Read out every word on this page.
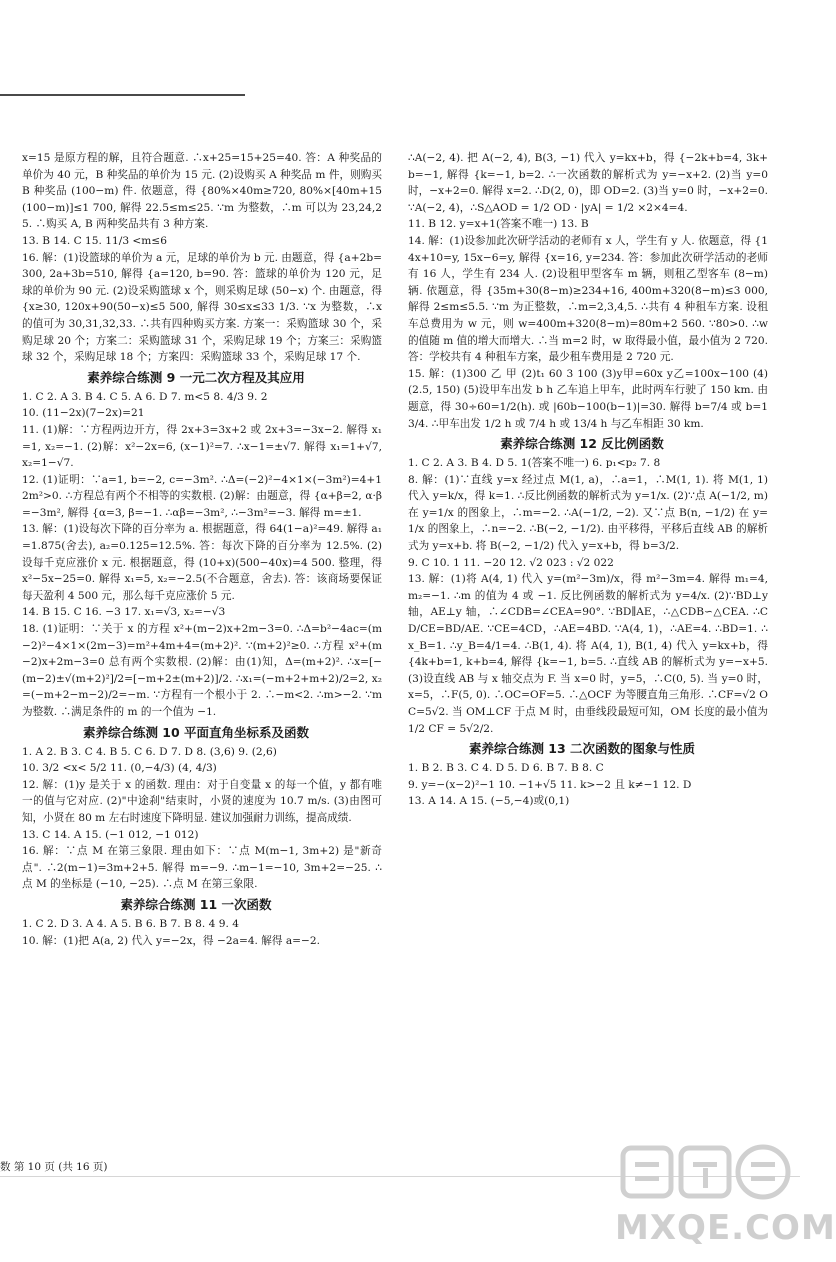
x=15 是原方程的解，且符合题意. ∴x+25=15+25=40. 答：A 种奖品的单价为 40 元，B 种奖品的单价为 15 元. (2)设购买 A 种奖品 m 件，则购买 B 种奖品 (100−m) 件. 依题意，得 {80%×40m≥720, 80%×[40m+15(100−m)]≤1 700, 解得 22.5≤m≤25. ∵m 为整数，∴m 可以为 23,24,25. ∴购买 A, B 两种奖品共有 3 种方案.

13. B 14. C 15. 11/3 <m≤6

16. 解：(1)设篮球的单价为 a 元，足球的单价为 b 元. 由题意，得 {a+2b=300, 2a+3b=510, 解得 {a=120, b=90. 答：篮球的单价为 120 元，足球的单价为 90 元. (2)设采购篮球 x 个，则采购足球 (50−x) 个. 由题意，得 {x≥30, 120x+90(50−x)≤5 500, 解得 30≤x≤33 1/3. ∵x 为整数，∴x 的值可为 30,31,32,33. ∴共有四种购买方案. 方案一：采购篮球 30 个，采购足球 20 个；方案二：采购篮球 31 个，采购足球 19 个；方案三：采购篮球 32 个，采购足球 18 个；方案四：采购篮球 33 个，采购足球 17 个.

素养综合练测 9 一元二次方程及其应用

1. C 2. A 3. B 4. C 5. A 6. D 7. m<5 8. 4/3 9. 2

10. (11−2x)(7−2x)=21

11. (1)解：∵方程两边开方，得 2x+3=3x+2 或 2x+3=−3x−2. 解得 x₁=1, x₂=−1. (2)解：x²−2x=6, (x−1)²=7. ∴x−1=±√7. 解得 x₁=1+√7, x₂=1−√7.

12. (1)证明：∵a=1, b=−2, c=−3m². ∴Δ=(−2)²−4×1×(−3m²)=4+12m²>0. ∴方程总有两个不相等的实数根. (2)解：由题意，得 {α+β=2, α·β=−3m², 解得 {α=3, β=−1. ∴αβ=−3m², ∴−3m²=−3. 解得 m=±1.

13. 解：(1)设每次下降的百分率为 a. 根据题意，得 64(1−a)²=49. 解得 a₁=1.875(舍去), a₂=0.125=12.5%. 答：每次下降的百分率为 12.5%. (2)设每千克应涨价 x 元. 根据题意，得 (10+x)(500−40x)=4 500. 整理，得 x²−5x−25=0. 解得 x₁=5, x₂=−2.5(不合题意，舍去). 答：该商场要保证每天盈利 4 500 元，那么每千克应涨价 5 元.

14. B 15. C 16. −3 17. x₁=√3, x₂=−√3

18. (1)证明：∵关于 x 的方程 x²+(m−2)x+2m−3=0. ∴Δ=b²−4ac=(m−2)²−4×1×(2m−3)=m²+4m+4=(m+2)². ∵(m+2)²≥0. ∴方程 x²+(m−2)x+2m−3=0 总有两个实数根. (2)解：由(1)知，Δ=(m+2)². ∴x=[−(m−2)±√(m+2)²]/2=[−m+2±(m+2)]/2. ∴x₁=(−m+2+m+2)/2=2, x₂=(−m+2−m−2)/2=−m. ∵方程有一个根小于 2. ∴−m<2. ∴m>−2. ∵m 为整数. ∴满足条件的 m 的一个值为 −1.

素养综合练测 10 平面直角坐标系及函数

1. A 2. B 3. C 4. B 5. C 6. D 7. D 8. (3,6) 9. (2,6)

10. 3/2 <x< 5/2 11. (0,−4/3) (4, 4/3)

12. 解：(1)y 是关于 x 的函数. 理由：对于自变量 x 的每一个值，y 都有唯一的值与它对应. (2)"中途刹"结束时，小贤的速度为 10.7 m/s. (3)由图可知，小贤在 80 m 左右时速度下降明显. 建议加强耐力训练，提高成绩.

13. C 14. A 15. (−1 012, −1 012)

16. 解：∵点 M 在第三象限. 理由如下：∵点 M(m−1, 3m+2) 是"新奇点". ∴2(m−1)=3m+2+5. 解得 m=−9. ∴m−1=−10, 3m+2=−25. ∴点 M 的坐标是 (−10, −25). ∴点 M 在第三象限.

素养综合练测 11 一次函数

1. C 2. D 3. A 4. A 5. B 6. B 7. B 8. 4 9. 4

10. 解：(1)把 A(a, 2) 代入 y=−2x，得 −2a=4. 解得 a=−2.

∴A(−2, 4). 把 A(−2, 4), B(3, −1) 代入 y=kx+b，得 {−2k+b=4, 3k+b=−1, 解得 {k=−1, b=2. ∴一次函数的解析式为 y=−x+2. (2)当 y=0 时，−x+2=0. 解得 x=2. ∴D(2, 0)，即 OD=2. (3)当 y=0 时，−x+2=0. ∵A(−2, 4)，∴S△AOD = 1/2 OD · |yA| = 1/2 ×2×4=4.

11. B 12. y=x+1(答案不唯一) 13. B

14. 解：(1)设参加此次研学活动的老师有 x 人，学生有 y 人. 依题意，得 {14x+10=y, 15x−6=y, 解得 {x=16, y=234. 答：参加此次研学活动的老师有 16 人，学生有 234 人. (2)设租甲型客车 m 辆，则租乙型客车 (8−m) 辆. 依题意，得 {35m+30(8−m)≥234+16, 400m+320(8−m)≤3 000, 解得 2≤m≤5.5. ∵m 为正整数，∴m=2,3,4,5. ∴共有 4 种租车方案. 设租车总费用为 w 元，则 w=400m+320(8−m)=80m+2 560. ∵80>0. ∴w 的值随 m 值的增大而增大. ∴当 m=2 时，w 取得最小值，最小值为 2 720. 答：学校共有 4 种租车方案，最少租车费用是 2 720 元.

15. 解：(1)300 乙 甲 (2)t₁ 60 3 100 (3)y甲=60x y乙=100x−100 (4)(2.5, 150) (5)设甲车出发 b h 乙车追上甲车，此时两车行驶了 150 km. 由题意，得 30÷60=1/2(h). 或 |60b−100(b−1)|=30. 解得 b=7/4 或 b=13/4. ∴甲车出发 1/2 h 或 7/4 h 或 13/4 h 与乙车相距 30 km.

素养综合练测 12 反比例函数

1. C 2. A 3. B 4. D 5. 1(答案不唯一) 6. p₁<p₂ 7. 8

8. 解：(1)∵直线 y=x 经过点 M(1, a)，∴a=1，∴M(1, 1). 将 M(1, 1) 代入 y=k/x，得 k=1. ∴反比例函数的解析式为 y=1/x. (2)∵点 A(−1/2, m) 在 y=1/x 的图象上，∴m=−2. ∴A(−1/2, −2). 又∵点 B(n, −1/2) 在 y=1/x 的图象上，∴n=−2. ∴B(−2, −1/2). 由平移得，平移后直线 AB 的解析式为 y=x+b. 将 B(−2, −1/2) 代入 y=x+b，得 b=3/2.

9. C 10. 1 11. −20 12. √2 023 : √2 022

13. 解：(1)将 A(4, 1) 代入 y=(m²−3m)/x，得 m²−3m=4. 解得 m₁=4, m₂=−1. ∴m 的值为 4 或 −1. 反比例函数的解析式为 y=4/x. (2)∵BD⊥y 轴，AE⊥y 轴，∴∠CDB=∠CEA=90°. ∵BD∥AE，∴△CDB∽△CEA. ∴CD/CE=BD/AE. ∵CE=4CD，∴AE=4BD. ∵A(4, 1)，∴AE=4. ∴BD=1. ∴x_B=1. ∴y_B=4/1=4. ∴B(1, 4). 将 A(4, 1), B(1, 4) 代入 y=kx+b，得 {4k+b=1, k+b=4, 解得 {k=−1, b=5. ∴直线 AB 的解析式为 y=−x+5. (3)设直线 AB 与 x 轴交点为 F. 当 x=0 时，y=5，∴C(0, 5). 当 y=0 时，x=5，∴F(5, 0). ∴OC=OF=5. ∴△OCF 为等腰直角三角形. ∴CF=√2 OC=5√2. 当 OM⊥CF 于点 M 时，由垂线段最短可知，OM 长度的最小值为 1/2 CF = 5√2/2.

素养综合练测 13 二次函数的图象与性质

1. B 2. B 3. C 4. D 5. D 6. B 7. B 8. C

9. y=−(x−2)²−1 10. −1+√5 11. k>−2 且 k≠−1 12. D

13. A 14. A 15. (−5,−4)或(0,1)

数 第 10 页 (共 16 页)
MXQE.COM
